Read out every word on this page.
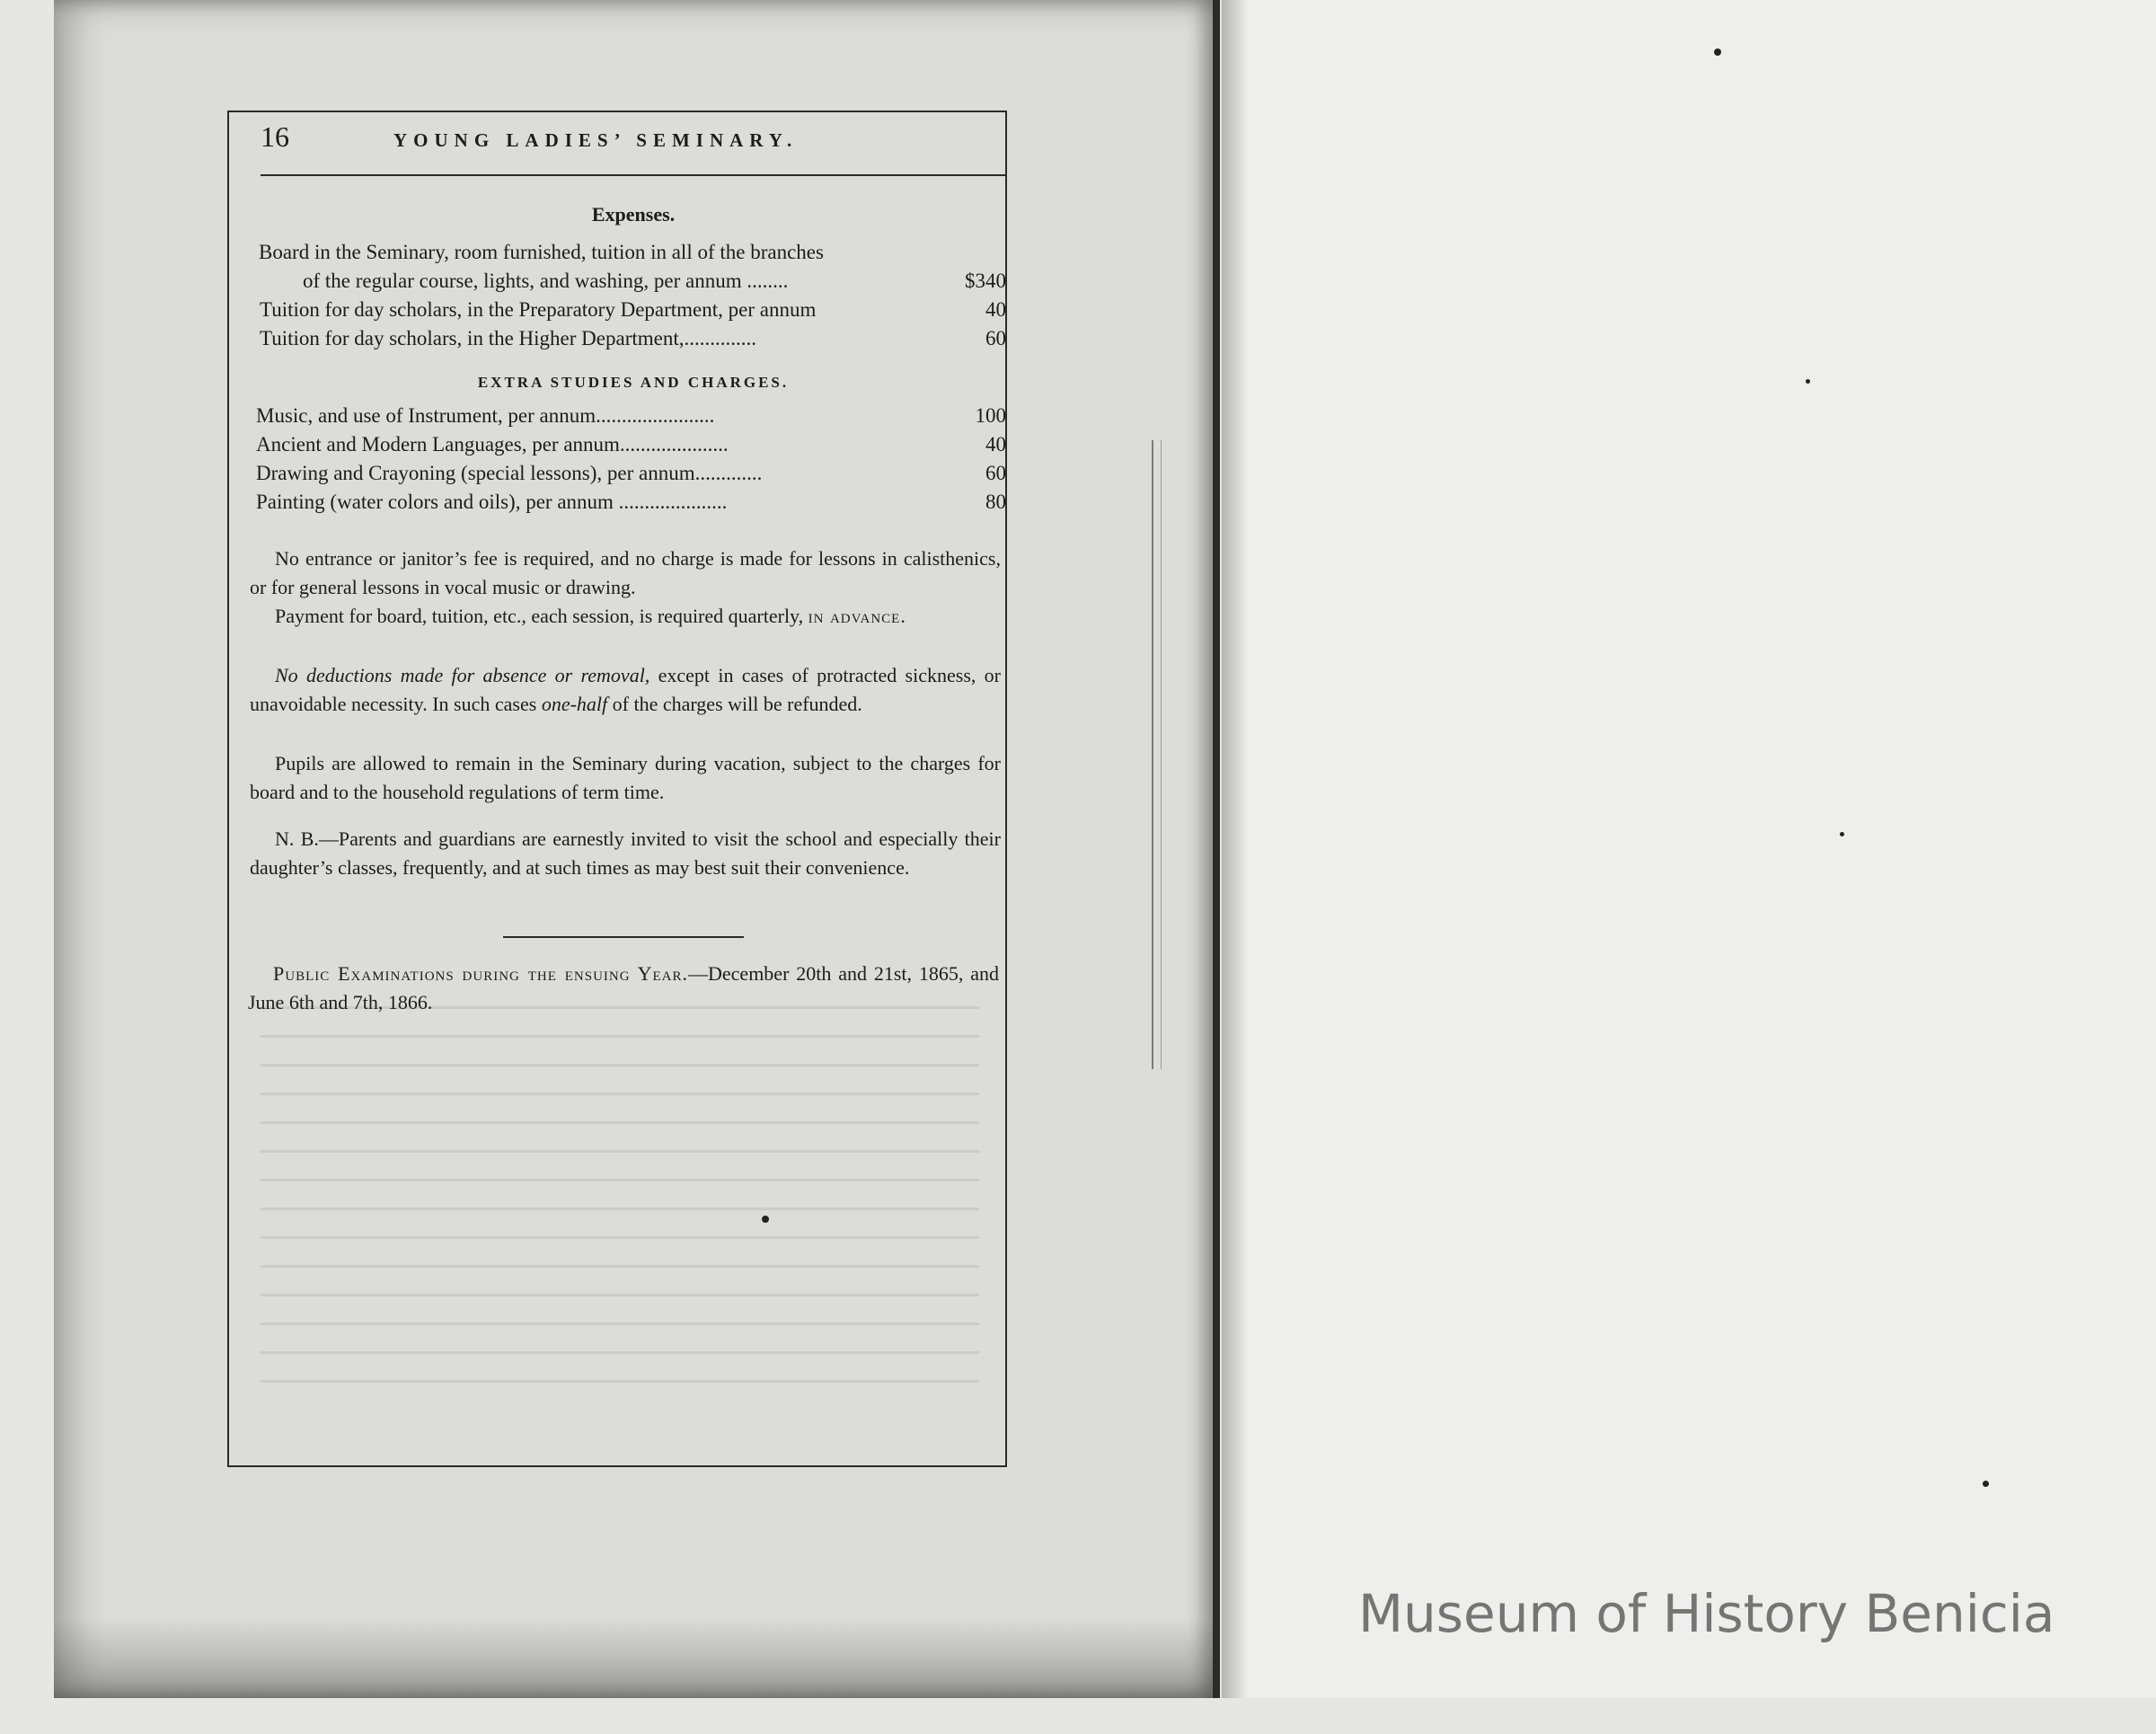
16	YOUNG LADIES’ SEMINARY.
Expenses.
Board in the Seminary, room furnished, tuition in all of the branches
of the regular course, lights, and washing, per annum ........	$340
Tuition for day scholars, in the Preparatory Department, per annum	40
Tuition for day scholars, in the Higher Department,..............	60
EXTRA STUDIES AND CHARGES.
Music, and use of Instrument, per annum.......................	100
Ancient and Modern Languages, per annum.....................	40
Drawing and Crayoning (special lessons), per annum.............	60
Painting (water colors and oils), per annum .....................	80
No entrance or janitor’s fee is required, and no charge is made for lessons in calisthenics, or for general lessons in vocal music or drawing.
Payment for board, tuition, etc., each session, is required quarterly, in advance.
No deductions made for absence or removal, except in cases of protracted sickness, or unavoidable necessity. In such cases one-half of the charges will be refunded.
Pupils are allowed to remain in the Seminary during vacation, subject to the charges for board and to the household regulations of term time.
N. B.—Parents and guardians are earnestly invited to visit the school and especially their daughter’s classes, frequently, and at such times as may best suit their convenience.
Public Examinations during the ensuing Year.—December 20th and 21st, 1865, and June 6th and 7th, 1866.
Museum of History Benicia
